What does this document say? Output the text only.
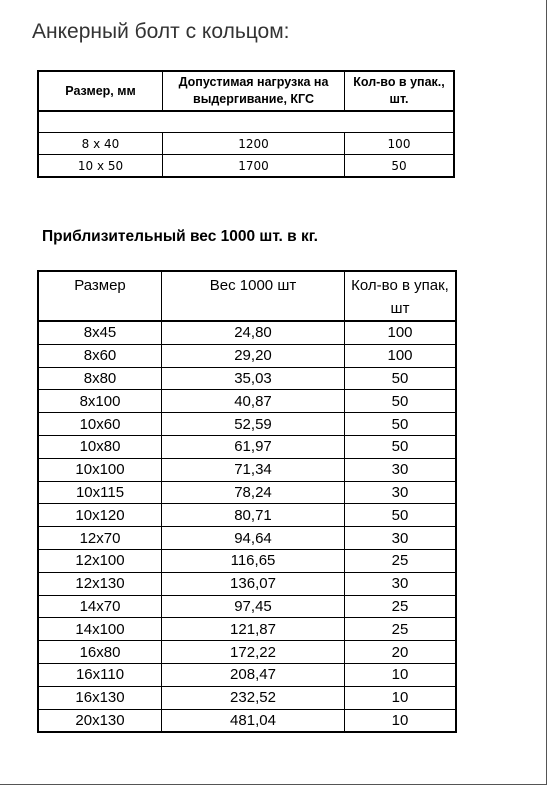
Анкерный болт с кольцом:
Размер, мм	Допустимая нагрузка на выдергивание, КГС	Кол-во в упак., шт.

8 x 40	1200	100
10 x 50	1700	50
Приблизительный вес 1000 шт. в кг.
Размер	Вес 1000 шт	Кол-во в упак, шт
8x45	24,80	100
8x60	29,20	100
8x80	35,03	50
8x100	40,87	50
10x60	52,59	50
10x80	61,97	50
10x100	71,34	30
10x115	78,24	30
10x120	80,71	50
12x70	94,64	30
12x100	116,65	25
12x130	136,07	30
14x70	97,45	25
14x100	121,87	25
16x80	172,22	20
16x110	208,47	10
16x130	232,52	10
20x130	481,04	10
